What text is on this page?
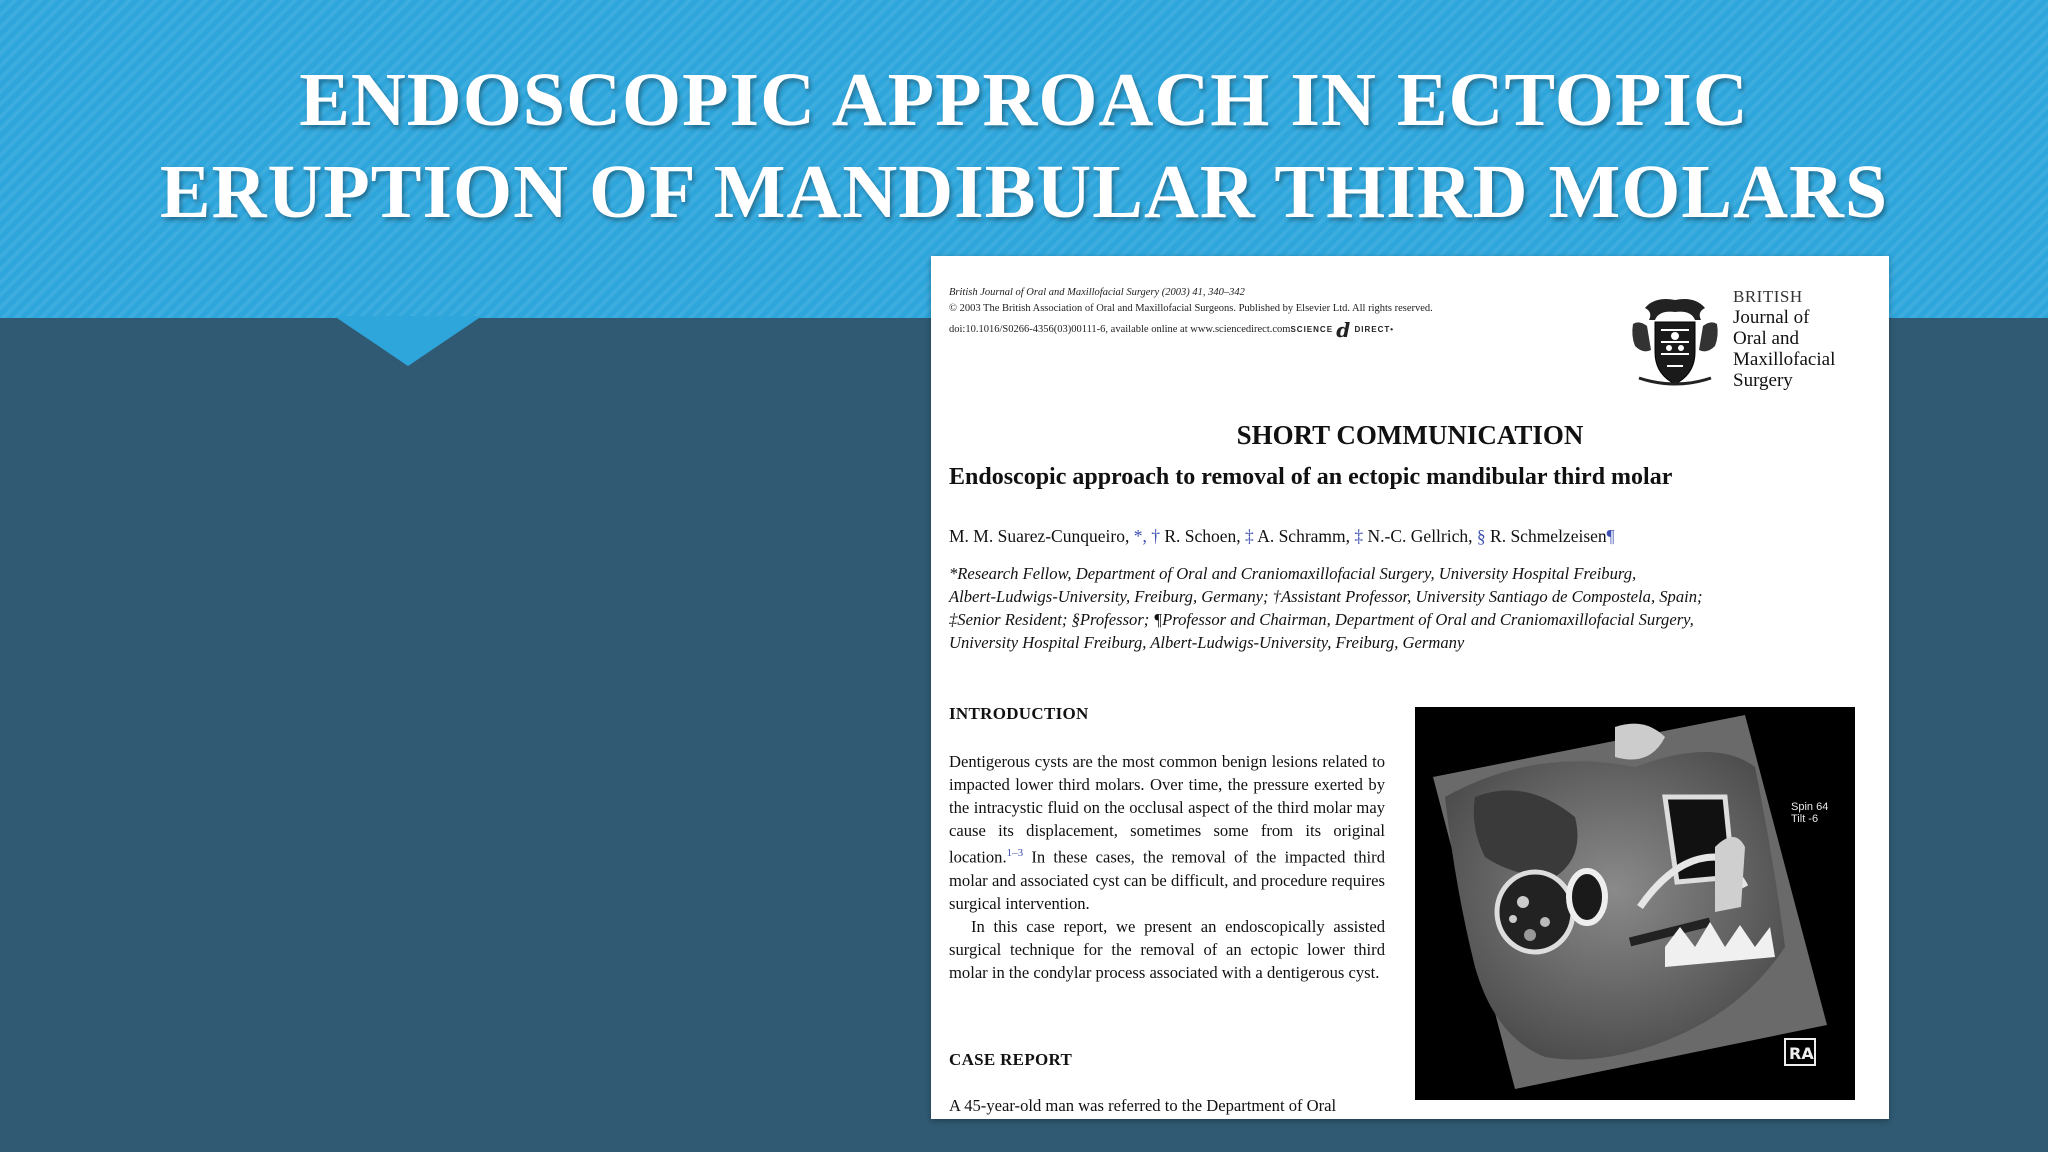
ENDOSCOPIC APPROACH IN ECTOPIC
ERUPTION OF MANDIBULAR THIRD MOLARS
British Journal of Oral and Maxillofacial Surgery (2003) 41, 340–342
© 2003 The British Association of Oral and Maxillofacial Surgeons. Published by Elsevier Ltd. All rights reserved.
doi:10.1016/S0266-4356(03)00111-6, available online at www.sciencedirect.comSCIENCE d DIRECT•
BRITISH
Journal of
Oral and
Maxillofacial
Surgery
SHORT COMMUNICATION
Endoscopic approach to removal of an ectopic mandibular third molar
M. M. Suarez-Cunqueiro, *, † R. Schoen, ‡ A. Schramm, ‡ N.-C. Gellrich, § R. Schmelzeisen¶
*Research Fellow, Department of Oral and Craniomaxillofacial Surgery, University Hospital Freiburg,
Albert-Ludwigs-University, Freiburg, Germany; †Assistant Professor, University Santiago de Compostela, Spain;
‡Senior Resident; §Professor; ¶Professor and Chairman, Department of Oral and Craniomaxillofacial Surgery,
University Hospital Freiburg, Albert-Ludwigs-University, Freiburg, Germany
INTRODUCTION

Dentigerous cysts are the most common benign lesions related to impacted lower third molars. Over time, the pressure exerted by the intracystic fluid on the occlusal aspect of the third molar may cause its displacement, sometimes some from its original location.$^{1-3}$ In these cases, the removal of the impacted third molar and associated cyst can be difficult, and procedure requires surgical intervention.

In this case report, we present an endoscopically assisted surgical technique for the removal of an ectopic lower third molar in the condylar process associated with a dentigerous cyst.

CASE REPORT
A 45-year-old man was referred to the Department of Oral
RA
Spin 64
Tilt -6
